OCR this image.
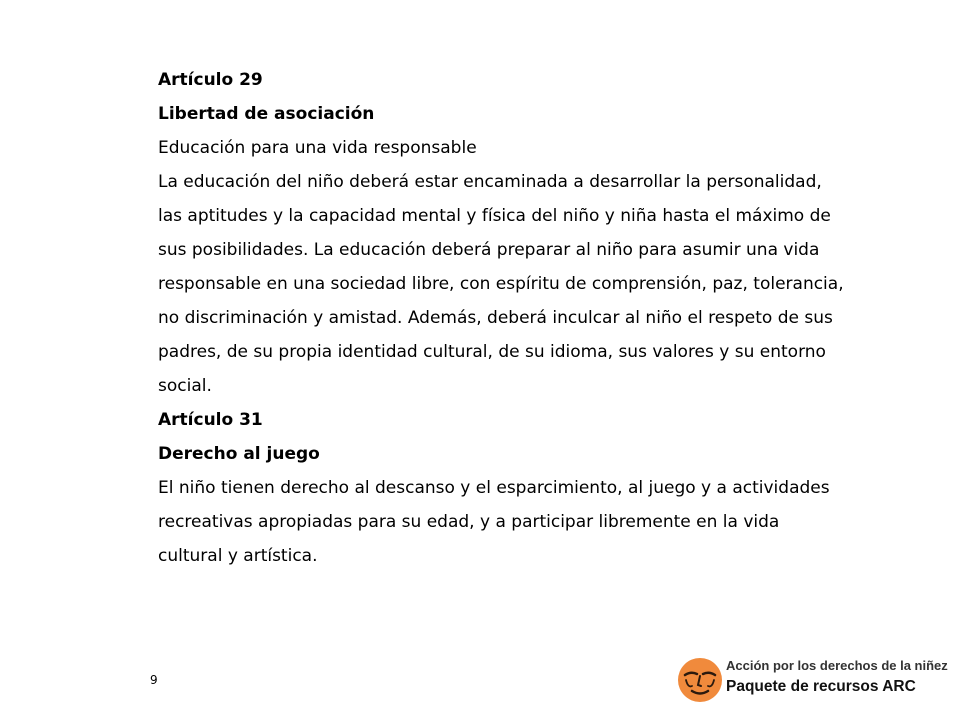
Artículo 29

Libertad de asociación

Educación para una vida responsable

La educación del niño deberá estar encaminada a desarrollar la personalidad,

las aptitudes y la capacidad mental y física del niño y niña hasta el máximo de

sus posibilidades. La educación deberá preparar al niño para asumir una vida

responsable en una sociedad libre, con espíritu de comprensión, paz, tolerancia,

no discriminación y amistad. Además, deberá inculcar al niño el respeto de sus

padres, de su propia identidad cultural, de su idioma, sus valores y su entorno

social.

Artículo 31

Derecho al juego

El niño tienen derecho al descanso y el esparcimiento, al juego y a actividades

recreativas apropiadas para su edad, y a participar libremente en la vida

cultural y artística.

9
Acción por los derechos de la niñez
Paquete de recursos ARC
